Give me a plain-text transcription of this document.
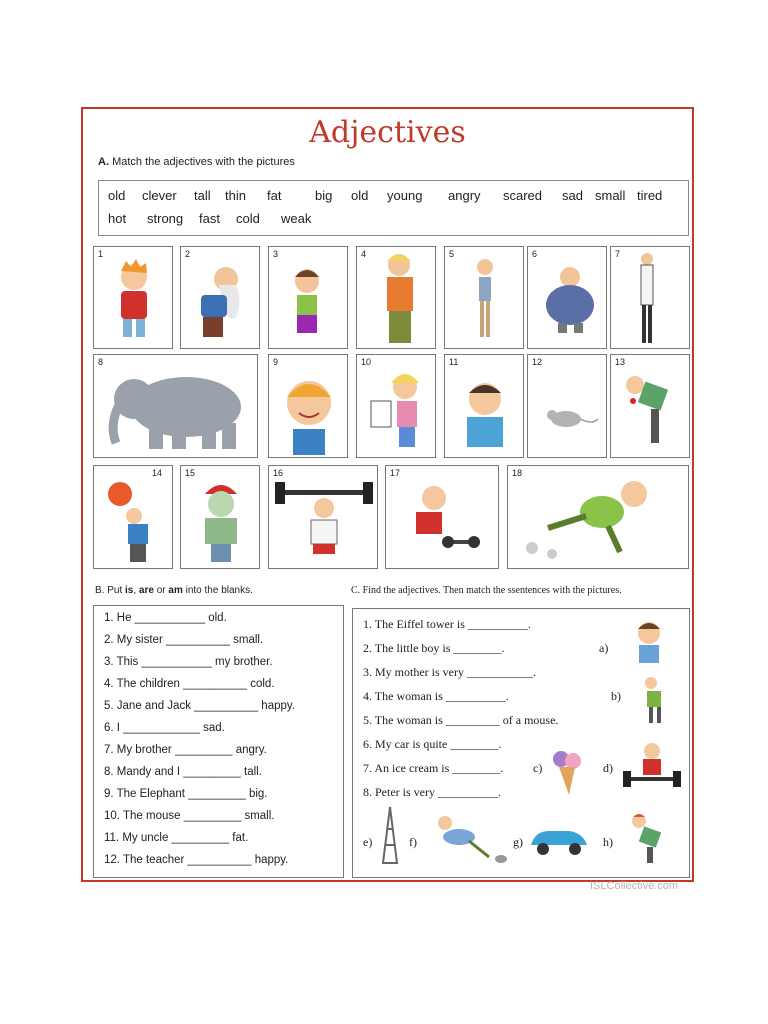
Adjectives
A. Match the adjectives with the pictures
old clever tall thin fat	big old young angry scared sad small tired
hot strong fast cold weak
1	2	3	4	5	6	7
8	9	10	11	12	13
14	15	16	17	18
B. Put is, are or am into the blanks.
1. He ___________ old.
2. My sister __________ small.
3. This ___________ my brother.
4. The children __________ cold.
5. Jane and Jack __________ happy.
6. I ____________ sad.
7. My brother _________ angry.
8. Mandy and I _________ tall.
9. The Elephant _________ big.
10. The mouse _________ small.
11. My uncle _________ fat.
12. The teacher __________ happy.
C. Find the adjectives. Then match the ssentences with the pictures.
1. The Eiffel tower is __________.
2. The little boy is ________.
3. My mother is very ___________.
4. The woman is __________.
5. The woman is _________ of a mouse.
6. My car is quite ________.
7. An ice cream is ________.
8. Peter is very __________.
a)
b)
c)	d)
e)	f)	g)	h)
ISLCollective.com
